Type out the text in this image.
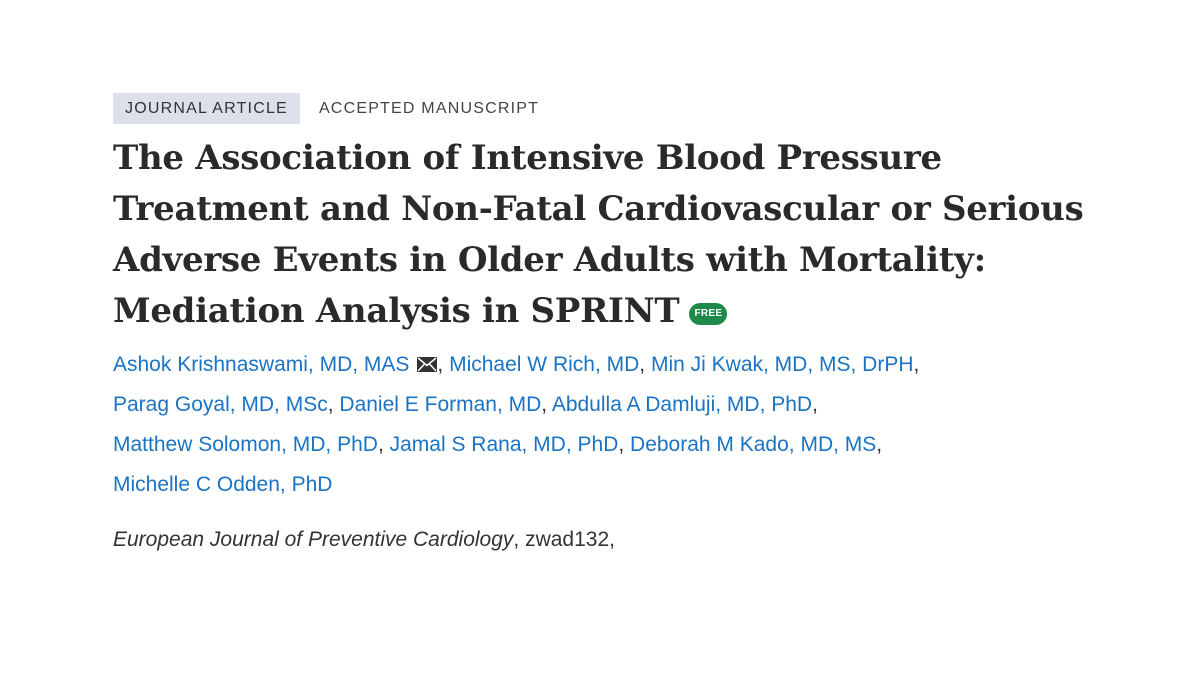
JOURNAL ARTICLE	ACCEPTED MANUSCRIPT
The Association of Intensive Blood Pressure
Treatment and Non-Fatal Cardiovascular or Serious
Adverse Events in Older Adults with Mortality:
Mediation Analysis in SPRINT FREE
Ashok Krishnaswami, MD, MAS , Michael W Rich, MD, Min Ji Kwak, MD, MS, DrPH,
Parag Goyal, MD, MSc, Daniel E Forman, MD, Abdulla A Damluji, MD, PhD,
Matthew Solomon, MD, PhD, Jamal S Rana, MD, PhD, Deborah M Kado, MD, MS,
Michelle C Odden, PhD
European Journal of Preventive Cardiology, zwad132,
